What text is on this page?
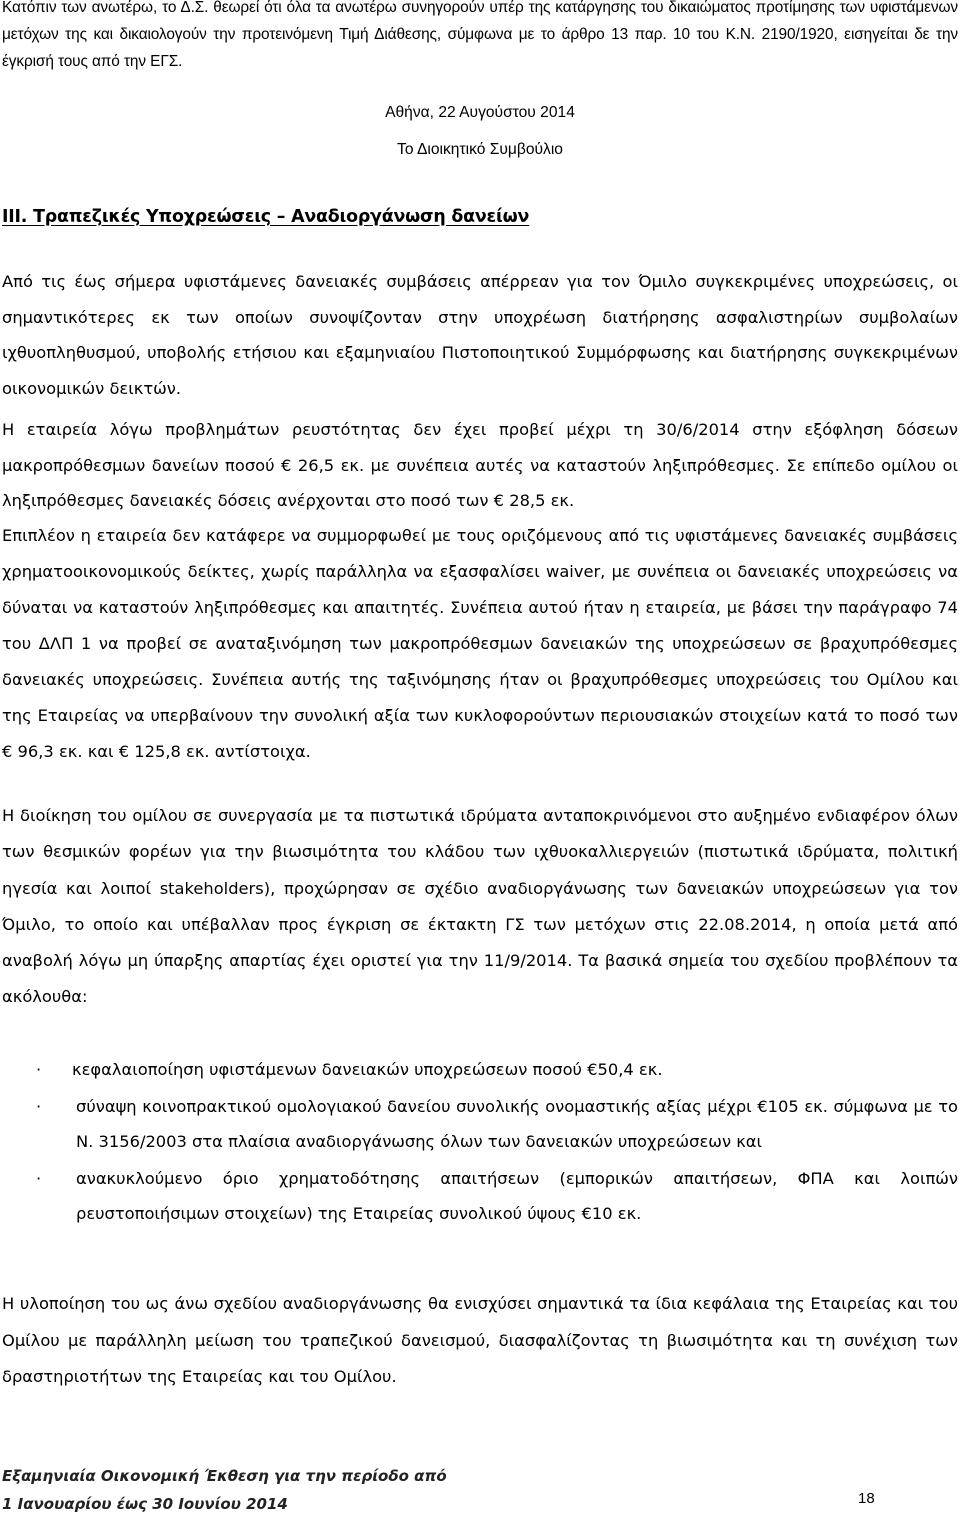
Κατόπιν των ανωτέρω, το Δ.Σ. θεωρεί ότι όλα τα ανωτέρω συνηγορούν υπέρ της κατάργησης του δικαιώματος προτίμησης των υφιστάμενων μετόχων της και δικαιολογούν την προτεινόμενη Τιμή Διάθεσης, σύμφωνα με το άρθρο 13 παρ. 10 του Κ.Ν. 2190/1920, εισηγείται δε την έγκρισή τους από την ΕΓΣ.

Αθήνα, 22 Αυγούστου 2014

Το Διοικητικό Συμβούλιο

III. Τραπεζικές Υποχρεώσεις – Αναδιοργάνωση δανείων

Από τις έως σήμερα υφιστάμενες δανειακές συμβάσεις απέρρεαν για τον Όμιλο συγκεκριμένες υποχρεώσεις, οι σημαντικότερες εκ των οποίων συνοψίζονταν στην υποχρέωση διατήρησης ασφαλιστηρίων συμβολαίων ιχθυοπληθυσμού, υποβολής ετήσιου και εξαμηνιαίου Πιστοποιητικού Συμμόρφωσης και διατήρησης συγκεκριμένων οικονομικών δεικτών.

Η εταιρεία λόγω προβλημάτων ρευστότητας δεν έχει προβεί μέχρι τη 30/6/2014 στην εξόφληση δόσεων μακροπρόθεσμων δανείων ποσού € 26,5 εκ. με συνέπεια αυτές να καταστούν ληξιπρόθεσμες. Σε επίπεδο ομίλου οι ληξιπρόθεσμες δανειακές δόσεις ανέρχονται στο ποσό των € 28,5 εκ.

Επιπλέον η εταιρεία δεν κατάφερε να συμμορφωθεί με τους οριζόμενους από τις υφιστάμενες δανειακές συμβάσεις χρηματοοικονομικούς δείκτες, χωρίς παράλληλα να εξασφαλίσει waiver, με συνέπεια οι δανειακές υποχρεώσεις να δύναται να καταστούν ληξιπρόθεσμες και απαιτητές. Συνέπεια αυτού ήταν η εταιρεία, με βάσει την παράγραφο 74 του ΔΛΠ 1 να προβεί σε αναταξινόμηση των μακροπρόθεσμων δανειακών της υποχρεώσεων σε βραχυπρόθεσμες δανειακές υποχρεώσεις. Συνέπεια αυτής της ταξινόμησης ήταν οι βραχυπρόθεσμες υποχρεώσεις του Ομίλου και της Εταιρείας να υπερβαίνουν την συνολική αξία των κυκλοφορούντων περιουσιακών στοιχείων κατά το ποσό των € 96,3 εκ. και € 125,8 εκ. αντίστοιχα.

Η διοίκηση του ομίλου σε συνεργασία με τα πιστωτικά ιδρύματα ανταποκρινόμενοι στο αυξημένο ενδιαφέρον όλων των θεσμικών φορέων για την βιωσιμότητα του κλάδου των ιχθυοκαλλιεργειών (πιστωτικά ιδρύματα, πολιτική ηγεσία και λοιποί stakeholders), προχώρησαν σε σχέδιο αναδιοργάνωσης των δανειακών υποχρεώσεων για τον Όμιλο, το οποίο και υπέβαλλαν προς έγκριση σε έκτακτη ΓΣ των μετόχων στις 22.08.2014, η οποία μετά από αναβολή λόγω μη ύπαρξης απαρτίας έχει οριστεί για την 11/9/2014. Τα βασικά σημεία του σχεδίου προβλέπουν τα ακόλουθα:

· κεφαλαιοποίηση υφιστάμενων δανειακών υποχρεώσεων ποσού €50,4 εκ.
· σύναψη κοινοπρακτικού ομολογιακού δανείου συνολικής ονομαστικής αξίας μέχρι €105 εκ. σύμφωνα με το Ν. 3156/2003 στα πλαίσια αναδιοργάνωσης όλων των δανειακών υποχρεώσεων και
· ανακυκλούμενο όριο χρηματοδότησης απαιτήσεων (εμπορικών απαιτήσεων, ΦΠΑ και λοιπών ρευστοποιήσιμων στοιχείων) της Εταιρείας συνολικού ύψους €10 εκ.

Η υλοποίηση του ως άνω σχεδίου αναδιοργάνωσης θα ενισχύσει σημαντικά τα ίδια κεφάλαια της Εταιρείας και του Ομίλου με παράλληλη μείωση του τραπεζικού δανεισμού, διασφαλίζοντας τη βιωσιμότητα και τη συνέχιση των δραστηριοτήτων της Εταιρείας και του Ομίλου.

Εξαμηνιαία Οικονομική Έκθεση για την περίοδο από

1 Ιανουαρίου έως 30 Ιουνίου 2014	18
